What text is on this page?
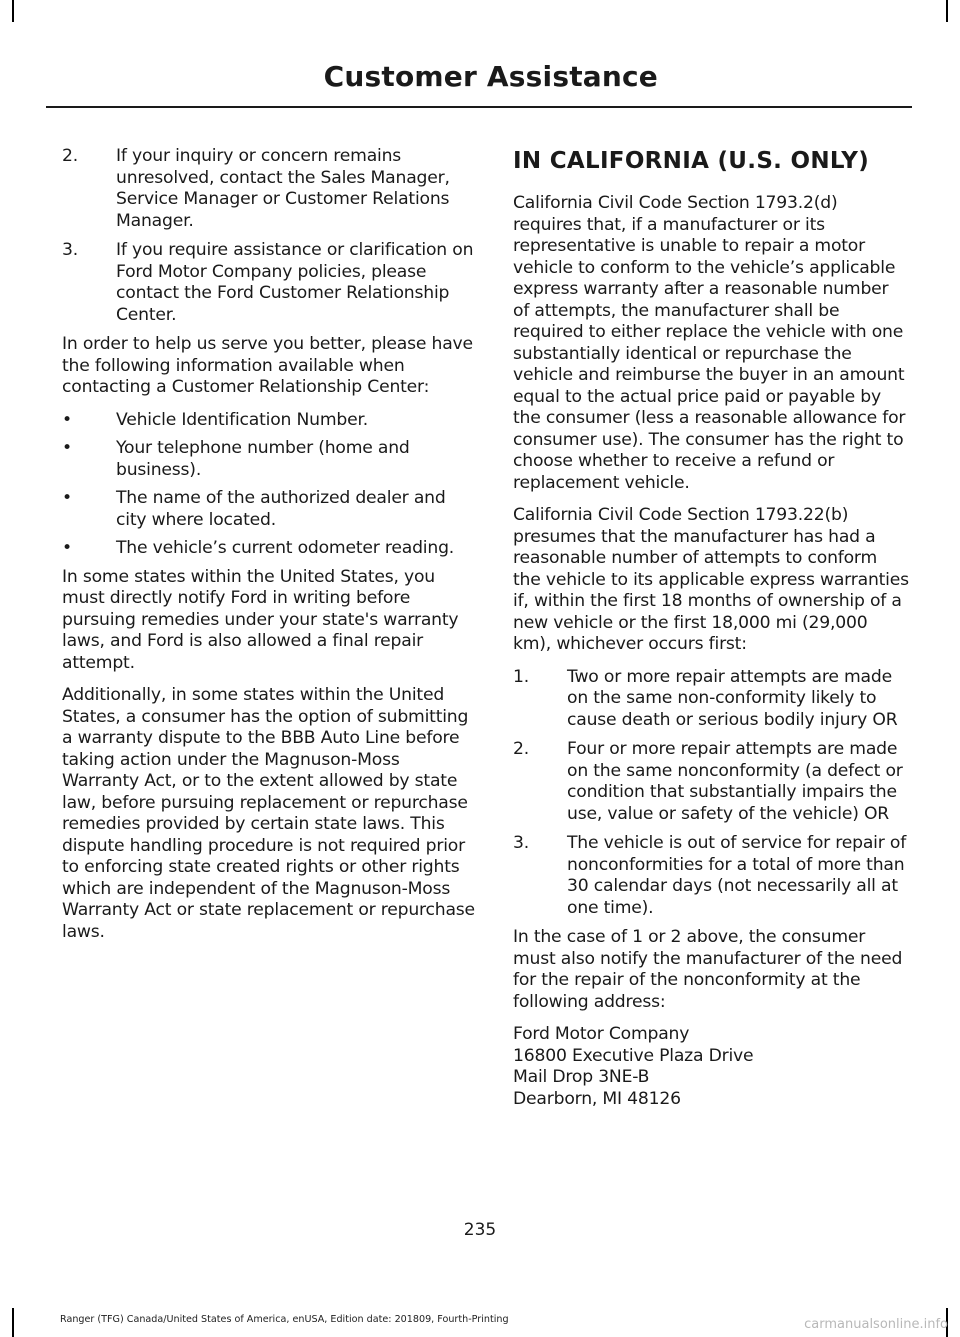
Customer Assistance
2. If your inquiry or concern remains unresolved, contact the Sales Manager, Service Manager or Customer Relations Manager.
3. If you require assistance or clarification on Ford Motor Company policies, please contact the Ford Customer Relationship Center.

In order to help us serve you better, please have the following information available when contacting a Customer Relationship Center:

•	Vehicle Identification Number.
•	Your telephone number (home and business).
•	The name of the authorized dealer and city where located.
•	The vehicle’s current odometer reading.

In some states within the United States, you must directly notify Ford in writing before pursuing remedies under your state's warranty laws, and Ford is also allowed a final repair attempt.

Additionally, in some states within the United States, a consumer has the option of submitting a warranty dispute to the BBB Auto Line before taking action under the Magnuson-Moss Warranty Act, or to the extent allowed by state law, before pursuing replacement or repurchase remedies provided by certain state laws. This dispute handling procedure is not required prior to enforcing state created rights or other rights which are independent of the Magnuson-Moss Warranty Act or state replacement or repurchase laws.

IN CALIFORNIA (U.S. ONLY)

California Civil Code Section 1793.2(d) requires that, if a manufacturer or its representative is unable to repair a motor vehicle to conform to the vehicle’s applicable express warranty after a reasonable number of attempts, the manufacturer shall be required to either replace the vehicle with one substantially identical or repurchase the vehicle and reimburse the buyer in an amount equal to the actual price paid or payable by the consumer (less a reasonable allowance for consumer use). The consumer has the right to choose whether to receive a refund or replacement vehicle.

California Civil Code Section 1793.22(b) presumes that the manufacturer has had a reasonable number of attempts to conform the vehicle to its applicable express warranties if, within the first 18 months of ownership of a new vehicle or the first 18,000 mi (29,000 km), whichever occurs first:

1. Two or more repair attempts are made on the same non-conformity likely to cause death or serious bodily injury OR
2. Four or more repair attempts are made on the same nonconformity (a defect or condition that substantially impairs the use, value or safety of the vehicle) OR
3. The vehicle is out of service for repair of nonconformities for a total of more than 30 calendar days (not necessarily all at one time).

In the case of 1 or 2 above, the consumer must also notify the manufacturer of the need for the repair of the nonconformity at the following address:

Ford Motor Company
16800 Executive Plaza Drive
Mail Drop 3NE-B
Dearborn, MI 48126
235
Ranger (TFG) Canada/United States of America, enUSA, Edition date: 201809, Fourth-Printing	carmanualsonline.info
